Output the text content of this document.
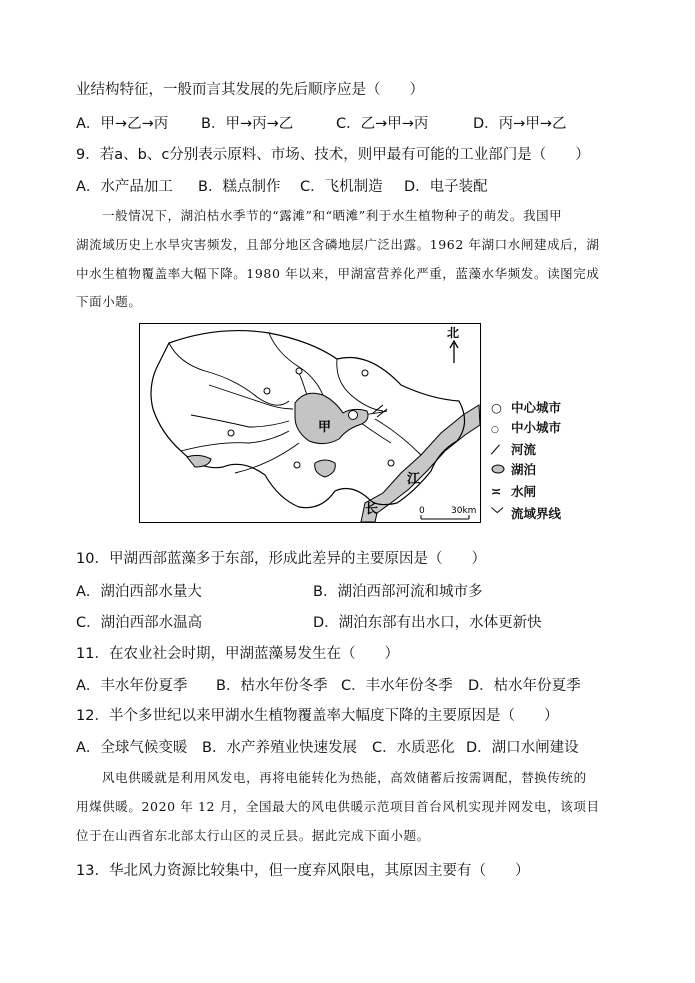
业结构特征，一般而言其发展的先后顺序应是（　　）
A．甲→乙→丙 B．甲→丙→乙	C．乙→甲→丙	D．丙→甲→乙
9．若a、b、c分别表示原料、市场、技术，则甲最有可能的工业部门是（　　）
A．水产品加工 B．糕点制作 C．飞机制造 D．电子装配
一般情况下，湖泊枯水季节的“露滩”和“晒滩”利于水生植物种子的萌发。我国甲
湖流域历史上水旱灾害频发，且部分地区含磷地层广泛出露。1962 年湖口水闸建成后，湖
中水生植物覆盖率大幅下降。1980 年以来，甲湖富营养化严重，蓝藻水华频发。读图完成
下面小题。
甲
江
长
北
0	30km
○ 中心城市
○ 中小城市
⟋ 河流
湖泊
≍ 水闸
﹀ 流域界线
10．甲湖西部蓝藻多于东部，形成此差异的主要原因是（　　）
A．湖泊西部水量大	B．湖泊西部河流和城市多
C．湖泊西部水温高	D．湖泊东部有出水口，水体更新快
11．在农业社会时期，甲湖蓝藻易发生在（　　）
A．丰水年份夏季 B．枯水年份冬季 C．丰水年份冬季 D．枯水年份夏季
12．半个多世纪以来甲湖水生植物覆盖率大幅度下降的主要原因是（　　）
A．全球气候变暖 B．水产养殖业快速发展 C．水质恶化 D．湖口水闸建设
风电供暖就是利用风发电，再将电能转化为热能，高效储蓄后按需调配，替换传统的
用煤供暖。2020 年 12 月，全国最大的风电供暖示范项目首台风机实现并网发电，该项目
位于在山西省东北部太行山区的灵丘县。据此完成下面小题。
13．华北风力资源比较集中，但一度弃风限电，其原因主要有（　　）
